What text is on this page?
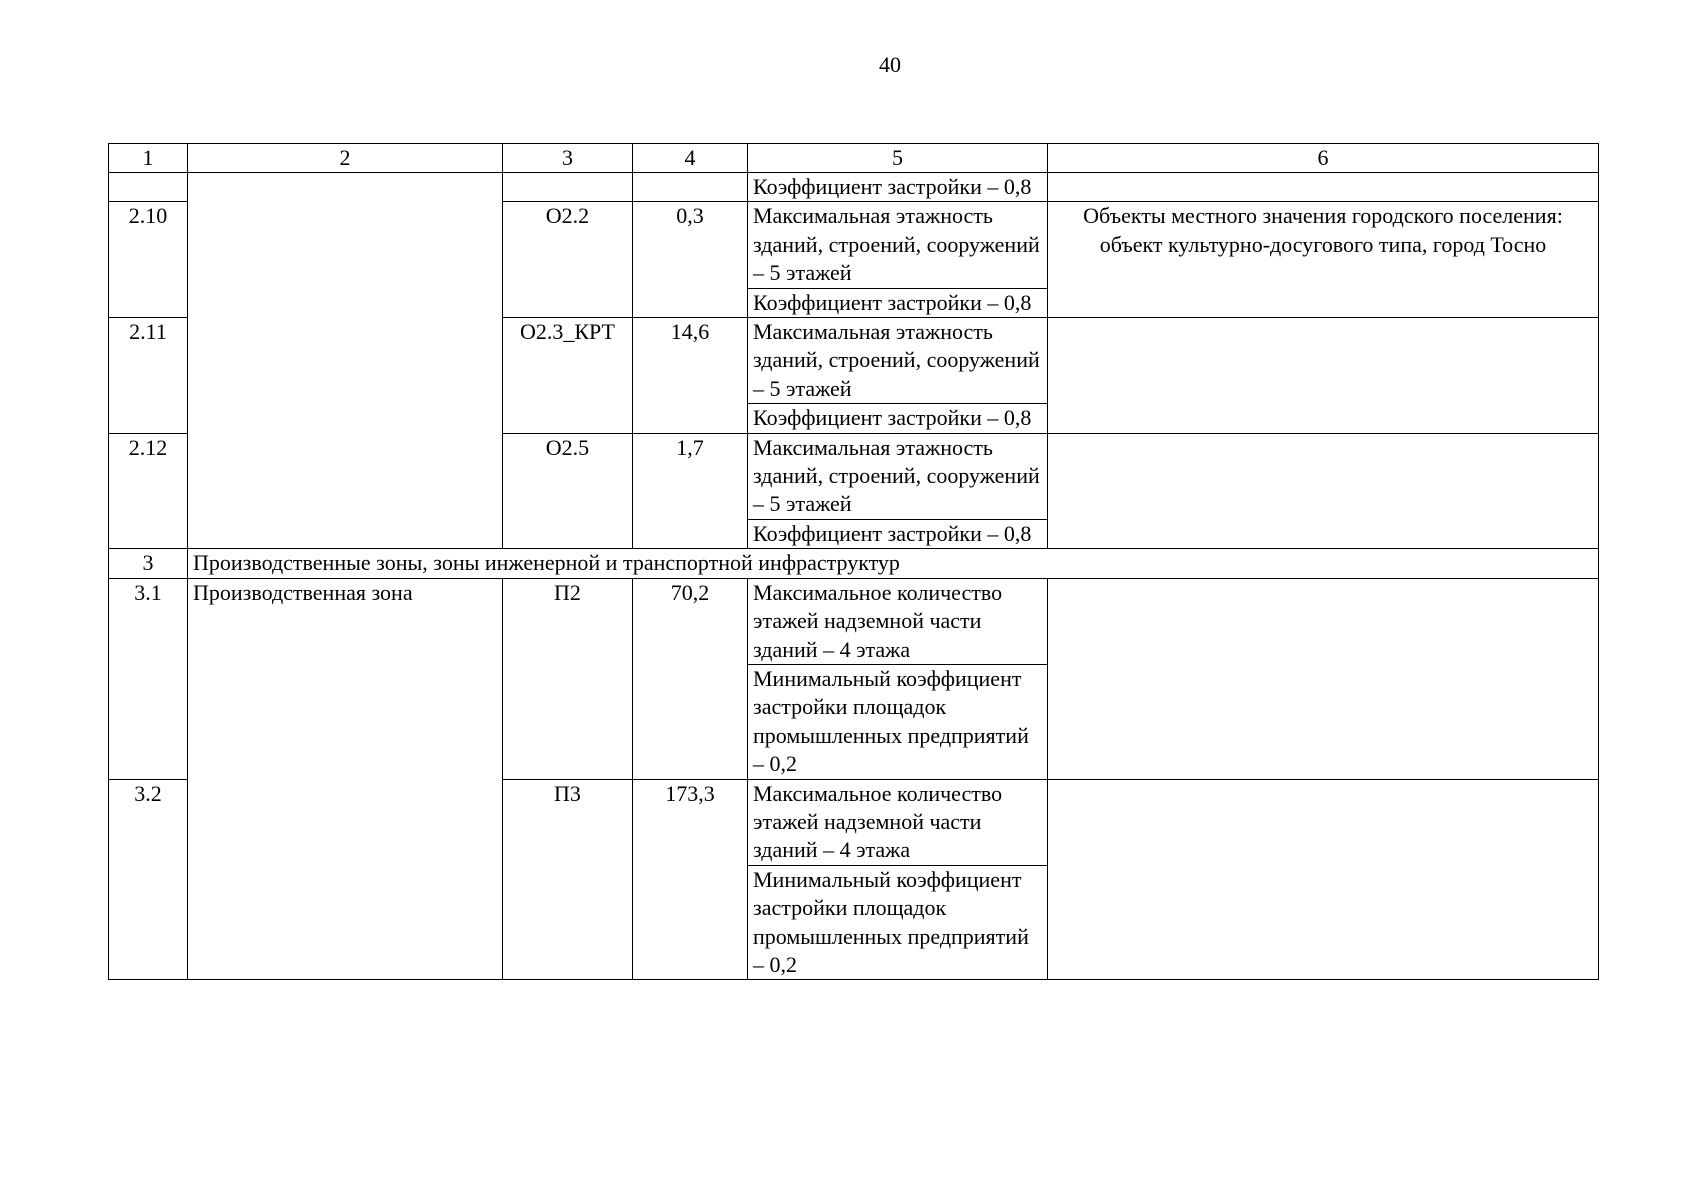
40
1	2	3	4	5	6
				Коэффициент застройки – 0,8	
2.10		О2.2	0,3	Максимальная этажность зданий, строений, сооружений – 5 этажей	Объекты местного значения городского поселения: объект культурно-досугового типа, город Тосно
				Коэффициент застройки – 0,8	
2.11		О2.3_КРТ	14,6	Максимальная этажность зданий, строений, сооружений – 5 этажей	
				Коэффициент застройки – 0,8	
2.12		О2.5	1,7	Максимальная этажность зданий, строений, сооружений – 5 этажей	
				Коэффициент застройки – 0,8	
3	Производственные зоны, зоны инженерной и транспортной инфраструктур				
3.1	Производственная зона	П2	70,2	Максимальное количество этажей надземной части зданий – 4 этажа	
				Минимальный коэффициент застройки площадок промышленных предприятий – 0,2	
3.2		П3	173,3	Максимальное количество этажей надземной части зданий – 4 этажа	
				Минимальный коэффициент застройки площадок промышленных предприятий – 0,2	
